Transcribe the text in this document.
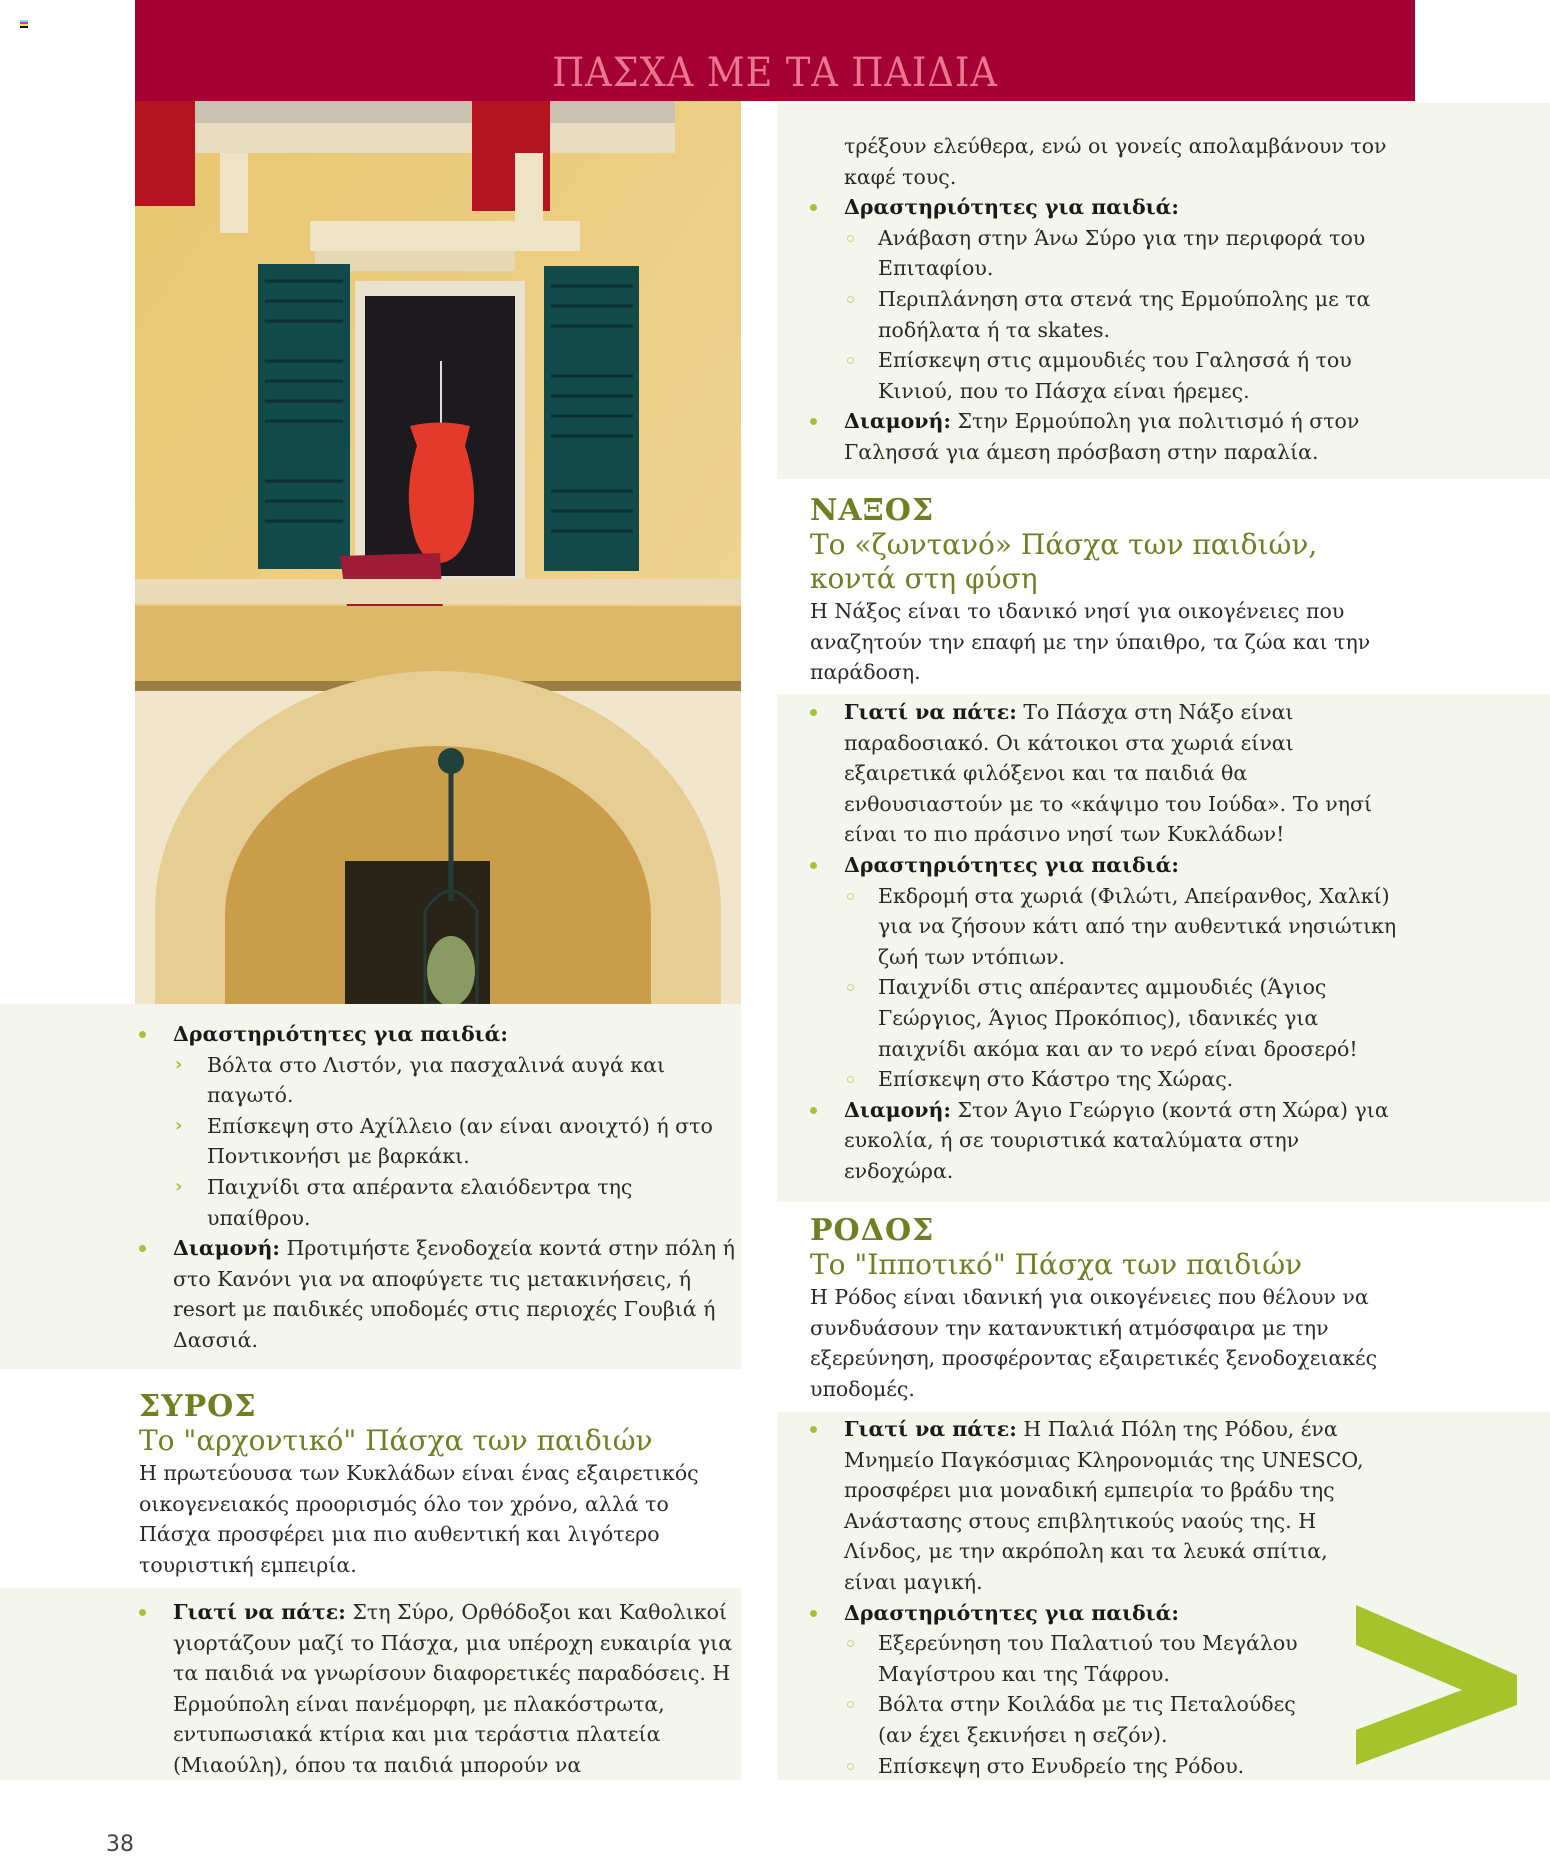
ΠΑΣΧΑ ΜΕ ΤΑ ΠΑΙΔΙΑ
Δραστηριότητες για παιδιά:
› Βόλτα στο Λιστόν, για πασχαλινά αυγά και παγωτό.
› Επίσκεψη στο Αχίλλειο (αν είναι ανοιχτό) ή στο Ποντικονήσι με βαρκάκι.
› Παιχνίδι στα απέραντα ελαιόδεντρα της υπαίθρου.
Διαμονή: Προτιμήστε ξενοδοχεία κοντά στην πόλη ή στο Κανόνι για να αποφύγετε τις μετακινήσεις, ή resort με παιδικές υποδομές στις περιοχές Γουβιά ή Δασσιά.
ΣΥΡΟΣ
Το "αρχοντικό" Πάσχα των παιδιών

Η πρωτεύουσα των Κυκλάδων είναι ένας εξαιρετικός οικογενειακός προορισμός όλο τον χρόνο, αλλά το Πάσχα προσφέρει μια πιο αυθεντική και λιγότερο τουριστική εμπειρία.

Γιατί να πάτε: Στη Σύρο, Ορθόδοξοι και Καθολικοί γιορτάζουν μαζί το Πάσχα, μια υπέροχη ευκαιρία για τα παιδιά να γνωρίσουν διαφορετικές παραδόσεις. Η Ερμούπολη είναι πανέμορφη, με πλακόστρωτα, εντυπωσιακά κτίρια και μια τεράστια πλατεία (Μιαούλη), όπου τα παιδιά μπορούν να

τρέξουν ελεύθερα, ενώ οι γονείς απολαμβάνουν τον καφέ τους.

Δραστηριότητες για παιδιά:
Ανάβαση στην Άνω Σύρο για την περιφορά του Επιταφίου.
Περιπλάνηση στα στενά της Ερμούπολης με τα ποδήλατα ή τα skates.
Επίσκεψη στις αμμουδιές του Γαλησσά ή του Κινιού, που το Πάσχα είναι ήρεμες.
Διαμονή: Στην Ερμούπολη για πολιτισμό ή στον Γαλησσά για άμεση πρόσβαση στην παραλία.
ΝΑΞΟΣ
Το «ζωντανό» Πάσχα των παιδιών, κοντά στη φύση

Η Νάξος είναι το ιδανικό νησί για οικογένειες που αναζητούν την επαφή με την ύπαιθρο, τα ζώα και την παράδοση.

Γιατί να πάτε: Το Πάσχα στη Νάξο είναι παραδοσιακό. Οι κάτοικοι στα χωριά είναι εξαιρετικά φιλόξενοι και τα παιδιά θα ενθουσιαστούν με το «κάψιμο του Ιούδα». Το νησί είναι το πιο πράσινο νησί των Κυκλάδων!
Δραστηριότητες για παιδιά:
Εκδρομή στα χωριά (Φιλώτι, Απείρανθος, Χαλκί) για να ζήσουν κάτι από την αυθεντικά νησιώτικη ζωή των ντόπιων.
Παιχνίδι στις απέραντες αμμουδιές (Άγιος Γεώργιος, Άγιος Προκόπιος), ιδανικές για παιχνίδι ακόμα και αν το νερό είναι δροσερό!
Επίσκεψη στο Κάστρο της Χώρας.
Διαμονή: Στον Άγιο Γεώργιο (κοντά στη Χώρα) για ευκολία, ή σε τουριστικά καταλύματα στην ενδοχώρα.
ΡΟΔΟΣ
Το "Ιπποτικό" Πάσχα των παιδιών

Η Ρόδος είναι ιδανική για οικογένειες που θέλουν να συνδυάσουν την κατανυκτική ατμόσφαιρα με την εξερεύνηση, προσφέροντας εξαιρετικές ξενοδοχειακές υποδομές.

Γιατί να πάτε: Η Παλιά Πόλη της Ρόδου, ένα Μνημείο Παγκόσμιας Κληρονομιάς της UNESCO, προσφέρει μια μοναδική εμπειρία το βράδυ της Ανάστασης στους επιβλητικούς ναούς της. Η Λίνδος, με την ακρόπολη και τα λευκά σπίτια, είναι μαγική.
Δραστηριότητες για παιδιά:
Εξερεύνηση του Παλατιού του Μεγάλου Μαγίστρου και της Τάφρου.
Βόλτα στην Κοιλάδα με τις Πεταλούδες (αν έχει ξεκινήσει η σεζόν).
Επίσκεψη στο Ενυδρείο της Ρόδου.
38
